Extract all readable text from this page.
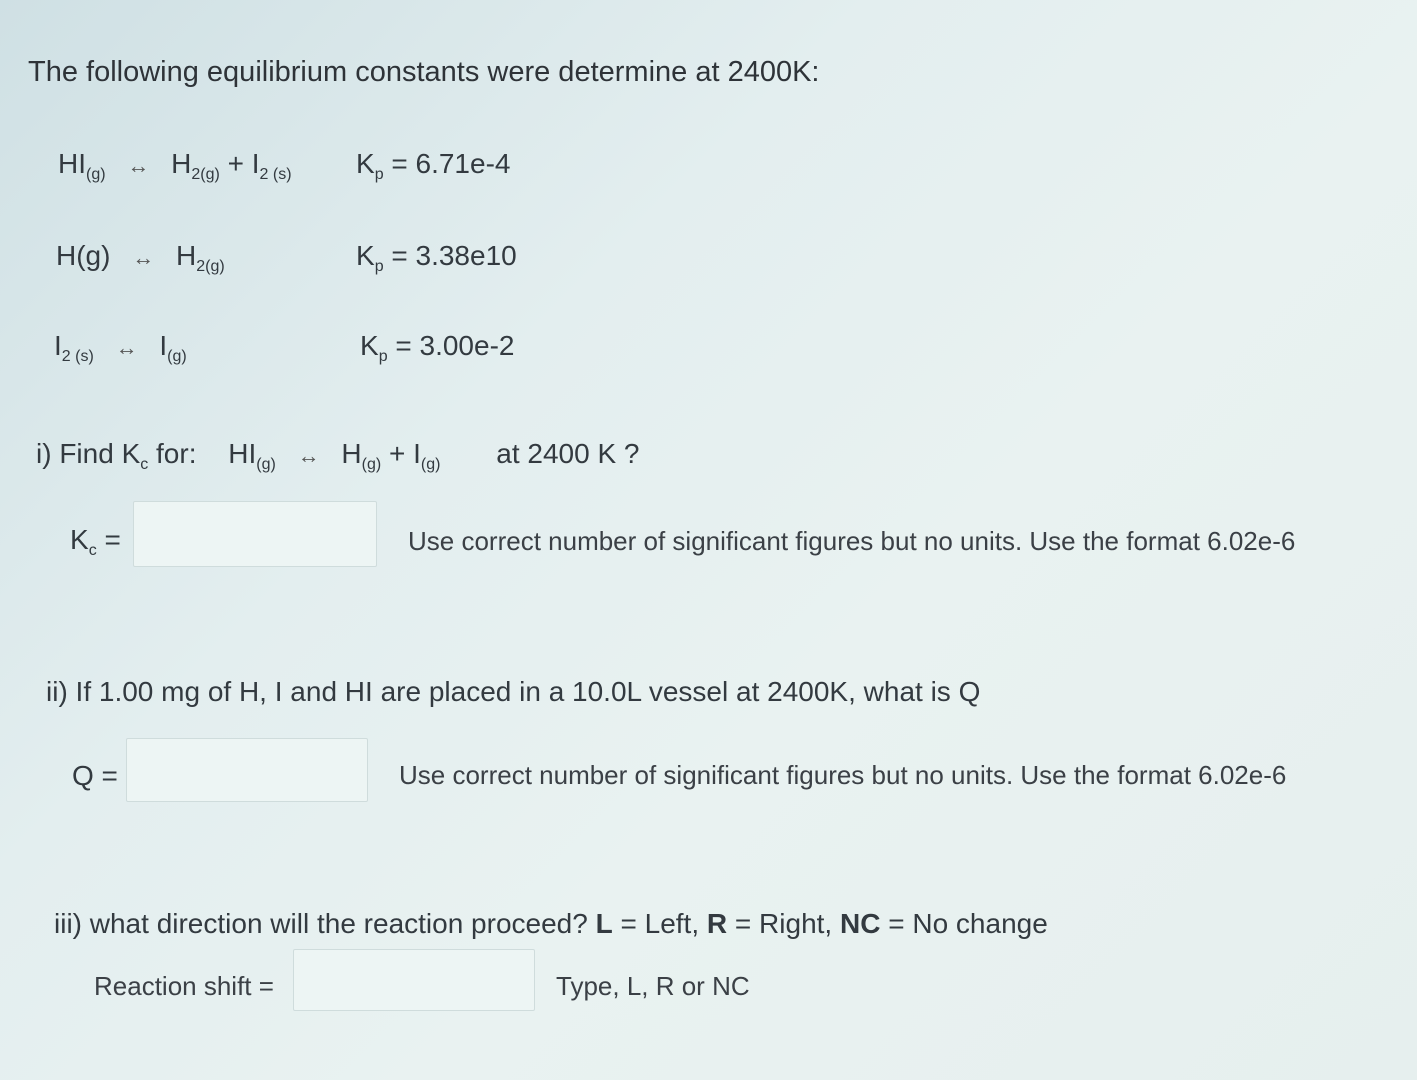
The following equilibrium constants were determine at 2400K:
$HI_{(g)}$ ↔ $H_{2(g)} + I_{2 (s)}$ $K_p = 6.71e-4$
H(g) ↔ $H_{2(g)}$	$K_p = 3.38e10$
$I_{2 (s)}$ ↔ $I_{(g)}$	$K_p = 3.00e-2$
i) Find $K_c$ for: $HI_{(g)}$ ↔ $H_{(g)} + I_{(g)}$ at 2400 K ?
$K_c$ =	Use correct number of significant figures but no units. Use the format 6.02e-6
ii) If 1.00 mg of H, I and HI are placed in a 10.0L vessel at 2400K, what is Q
Q =	Use correct number of significant figures but no units. Use the format 6.02e-6
iii) what direction will the reaction proceed? L = Left, R = Right, NC = No change
Reaction shift =	Type, L, R or NC
